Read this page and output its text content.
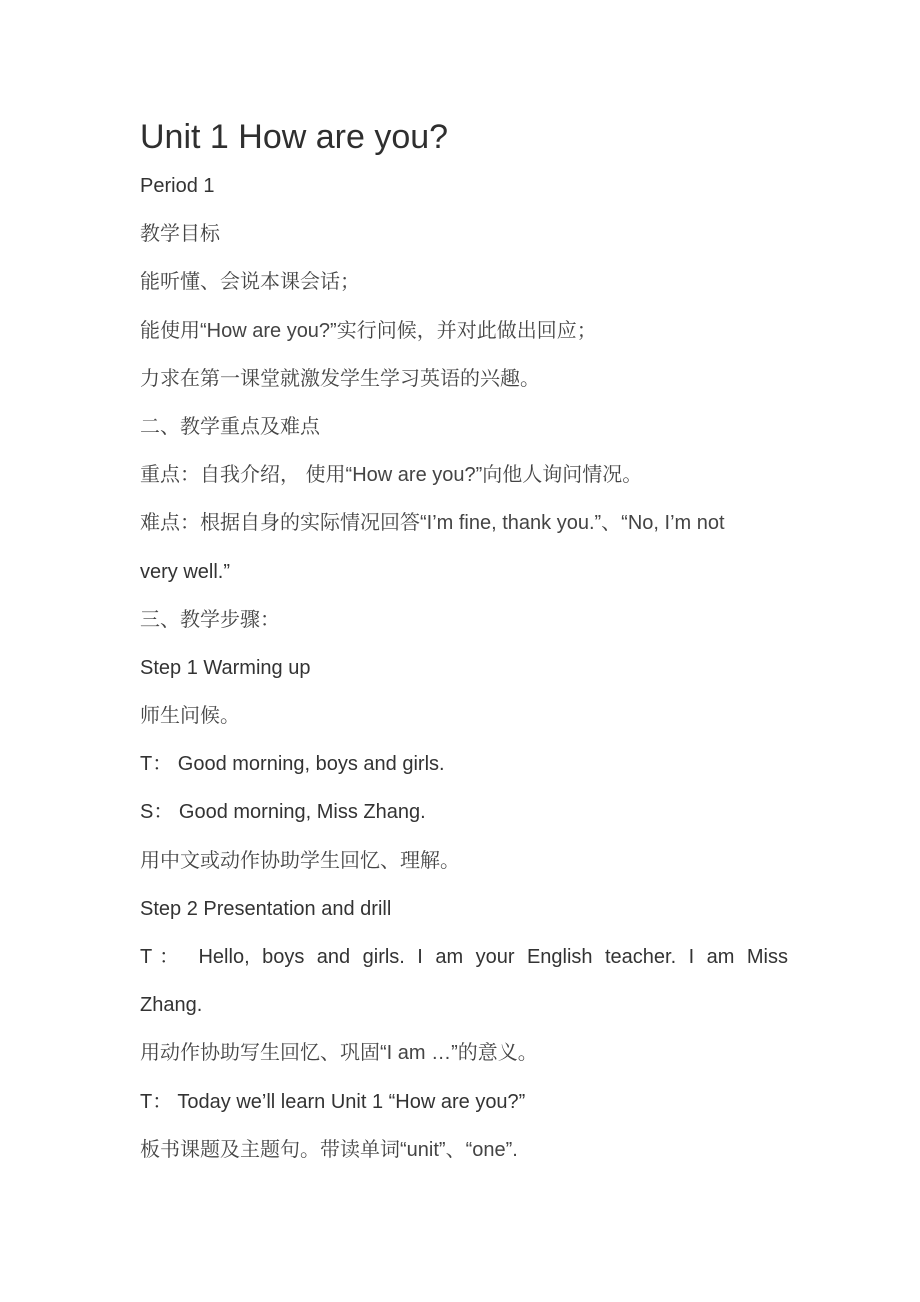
Unit 1 How are you?
Period 1
教学目标
能听懂、会说本课会话；
能使用“How are you?”实行问候，并对此做出回应；
力求在第一课堂就激发学生学习英语的兴趣。
二、教学重点及难点
重点：自我介绍， 使用“How are you?”向他人询问情况。
难点：根据自身的实际情况回答“I’m fine, thank you.”、“No, I’m not
very well.”
三、教学步骤：
Step 1 Warming up
师生问候。
T： Good morning, boys and girls.
S： Good morning, Miss Zhang.
用中文或动作协助学生回忆、理解。
Step 2 Presentation and drill
T： Hello, boys and girls. I am your English teacher. I am Miss
Zhang.
用动作协助写生回忆、巩固“I am …”的意义。
T： Today we’ll learn Unit 1 “How are you?”
板书课题及主题句。带读单词“unit”、“one”.
